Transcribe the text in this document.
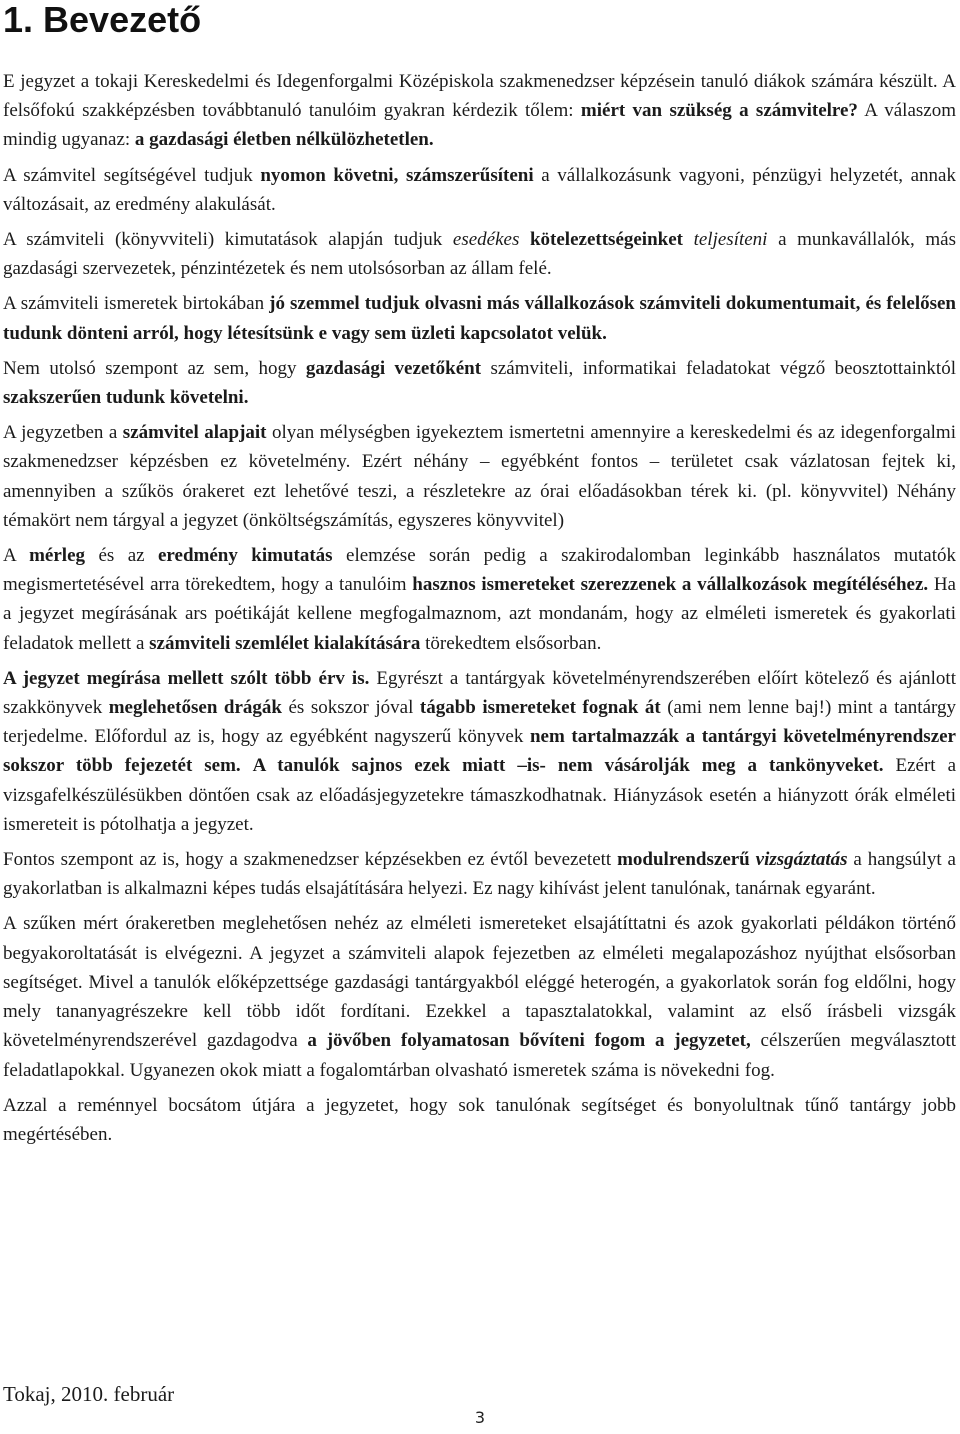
1. Bevezető

E jegyzet a tokaji Kereskedelmi és Idegenforgalmi Középiskola szakmenedzser képzésein tanuló diákok számára készült. A felsőfokú szakképzésben továbbtanuló tanulóim gyakran kérdezik tőlem: miért van szükség a számvitelre? A válaszom mindig ugyanaz: a gazdasági életben nélkülözhetetlen.

A számvitel segítségével tudjuk nyomon követni, számszerűsíteni a vállalkozásunk vagyoni, pénzügyi helyzetét, annak változásait, az eredmény alakulását.

A számviteli (könyvviteli) kimutatások alapján tudjuk esedékes kötelezettségeinket teljesíteni a munkavállalók, más gazdasági szervezetek, pénzintézetek és nem utolsósorban az állam felé.

A számviteli ismeretek birtokában jó szemmel tudjuk olvasni más vállalkozások számviteli dokumentumait, és felelősen tudunk dönteni arról, hogy létesítsünk e vagy sem üzleti kapcsolatot velük.

Nem utolsó szempont az sem, hogy gazdasági vezetőként számviteli, informatikai feladatokat végző beosztottainktól szakszerűen tudunk követelni.

A jegyzetben a számvitel alapjait olyan mélységben igyekeztem ismertetni amennyire a kereskedelmi és az idegenforgalmi szakmenedzser képzésben ez követelmény. Ezért néhány – egyébként fontos – területet csak vázlatosan fejtek ki, amennyiben a szűkös órakeret ezt lehetővé teszi, a részletekre az órai előadásokban térek ki. (pl. könyvvitel) Néhány témakört nem tárgyal a jegyzet (önköltségszámítás, egyszeres könyvvitel)

A mérleg és az eredmény kimutatás elemzése során pedig a szakirodalomban leginkább használatos mutatók megismertetésével arra törekedtem, hogy a tanulóim hasznos ismereteket szerezzenek a vállalkozások megítéléséhez. Ha a jegyzet megírásának ars poétikáját kellene megfogalmaznom, azt mondanám, hogy az elméleti ismeretek és gyakorlati feladatok mellett a számviteli szemlélet kialakítására törekedtem elsősorban.

A jegyzet megírása mellett szólt több érv is. Egyrészt a tantárgyak követelményrendszerében előírt kötelező és ajánlott szakkönyvek meglehetősen drágák és sokszor jóval tágabb ismereteket fognak át (ami nem lenne baj!) mint a tantárgy terjedelme. Előfordul az is, hogy az egyébként nagyszerű könyvek nem tartalmazzák a tantárgyi követelményrendszer sokszor több fejezetét sem. A tanulók sajnos ezek miatt –is- nem vásárolják meg a tankönyveket. Ezért a vizsgafelkészülésükben döntően csak az előadásjegyzetekre támaszkodhatnak. Hiányzások esetén a hiányzott órák elméleti ismereteit is pótolhatja a jegyzet.

Fontos szempont az is, hogy a szakmenedzser képzésekben ez évtől bevezetett modulrendszerű vizsgáztatás a hangsúlyt a gyakorlatban is alkalmazni képes tudás elsajátítására helyezi. Ez nagy kihívást jelent tanulónak, tanárnak egyaránt.

A szűken mért órakeretben meglehetősen nehéz az elméleti ismereteket elsajátíttatni és azok gyakorlati példákon történő begyakoroltatását is elvégezni. A jegyzet a számviteli alapok fejezetben az elméleti megalapozáshoz nyújthat elsősorban segítséget. Mivel a tanulók előképzettsége gazdasági tantárgyakból eléggé heterogén, a gyakorlatok során fog eldőlni, hogy mely tananyagrészekre kell több időt fordítani. Ezekkel a tapasztalatokkal, valamint az első írásbeli vizsgák követelményrendszerével gazdagodva a jövőben folyamatosan bővíteni fogom a jegyzetet, célszerűen megválasztott feladatlapokkal. Ugyanezen okok miatt a fogalomtárban olvasható ismeretek száma is növekedni fog.

Azzal a reménnyel bocsátom útjára a jegyzetet, hogy sok tanulónak segítséget és bonyolultnak tűnő tantárgy jobb megértésében.

Tokaj, 2010. február

3
